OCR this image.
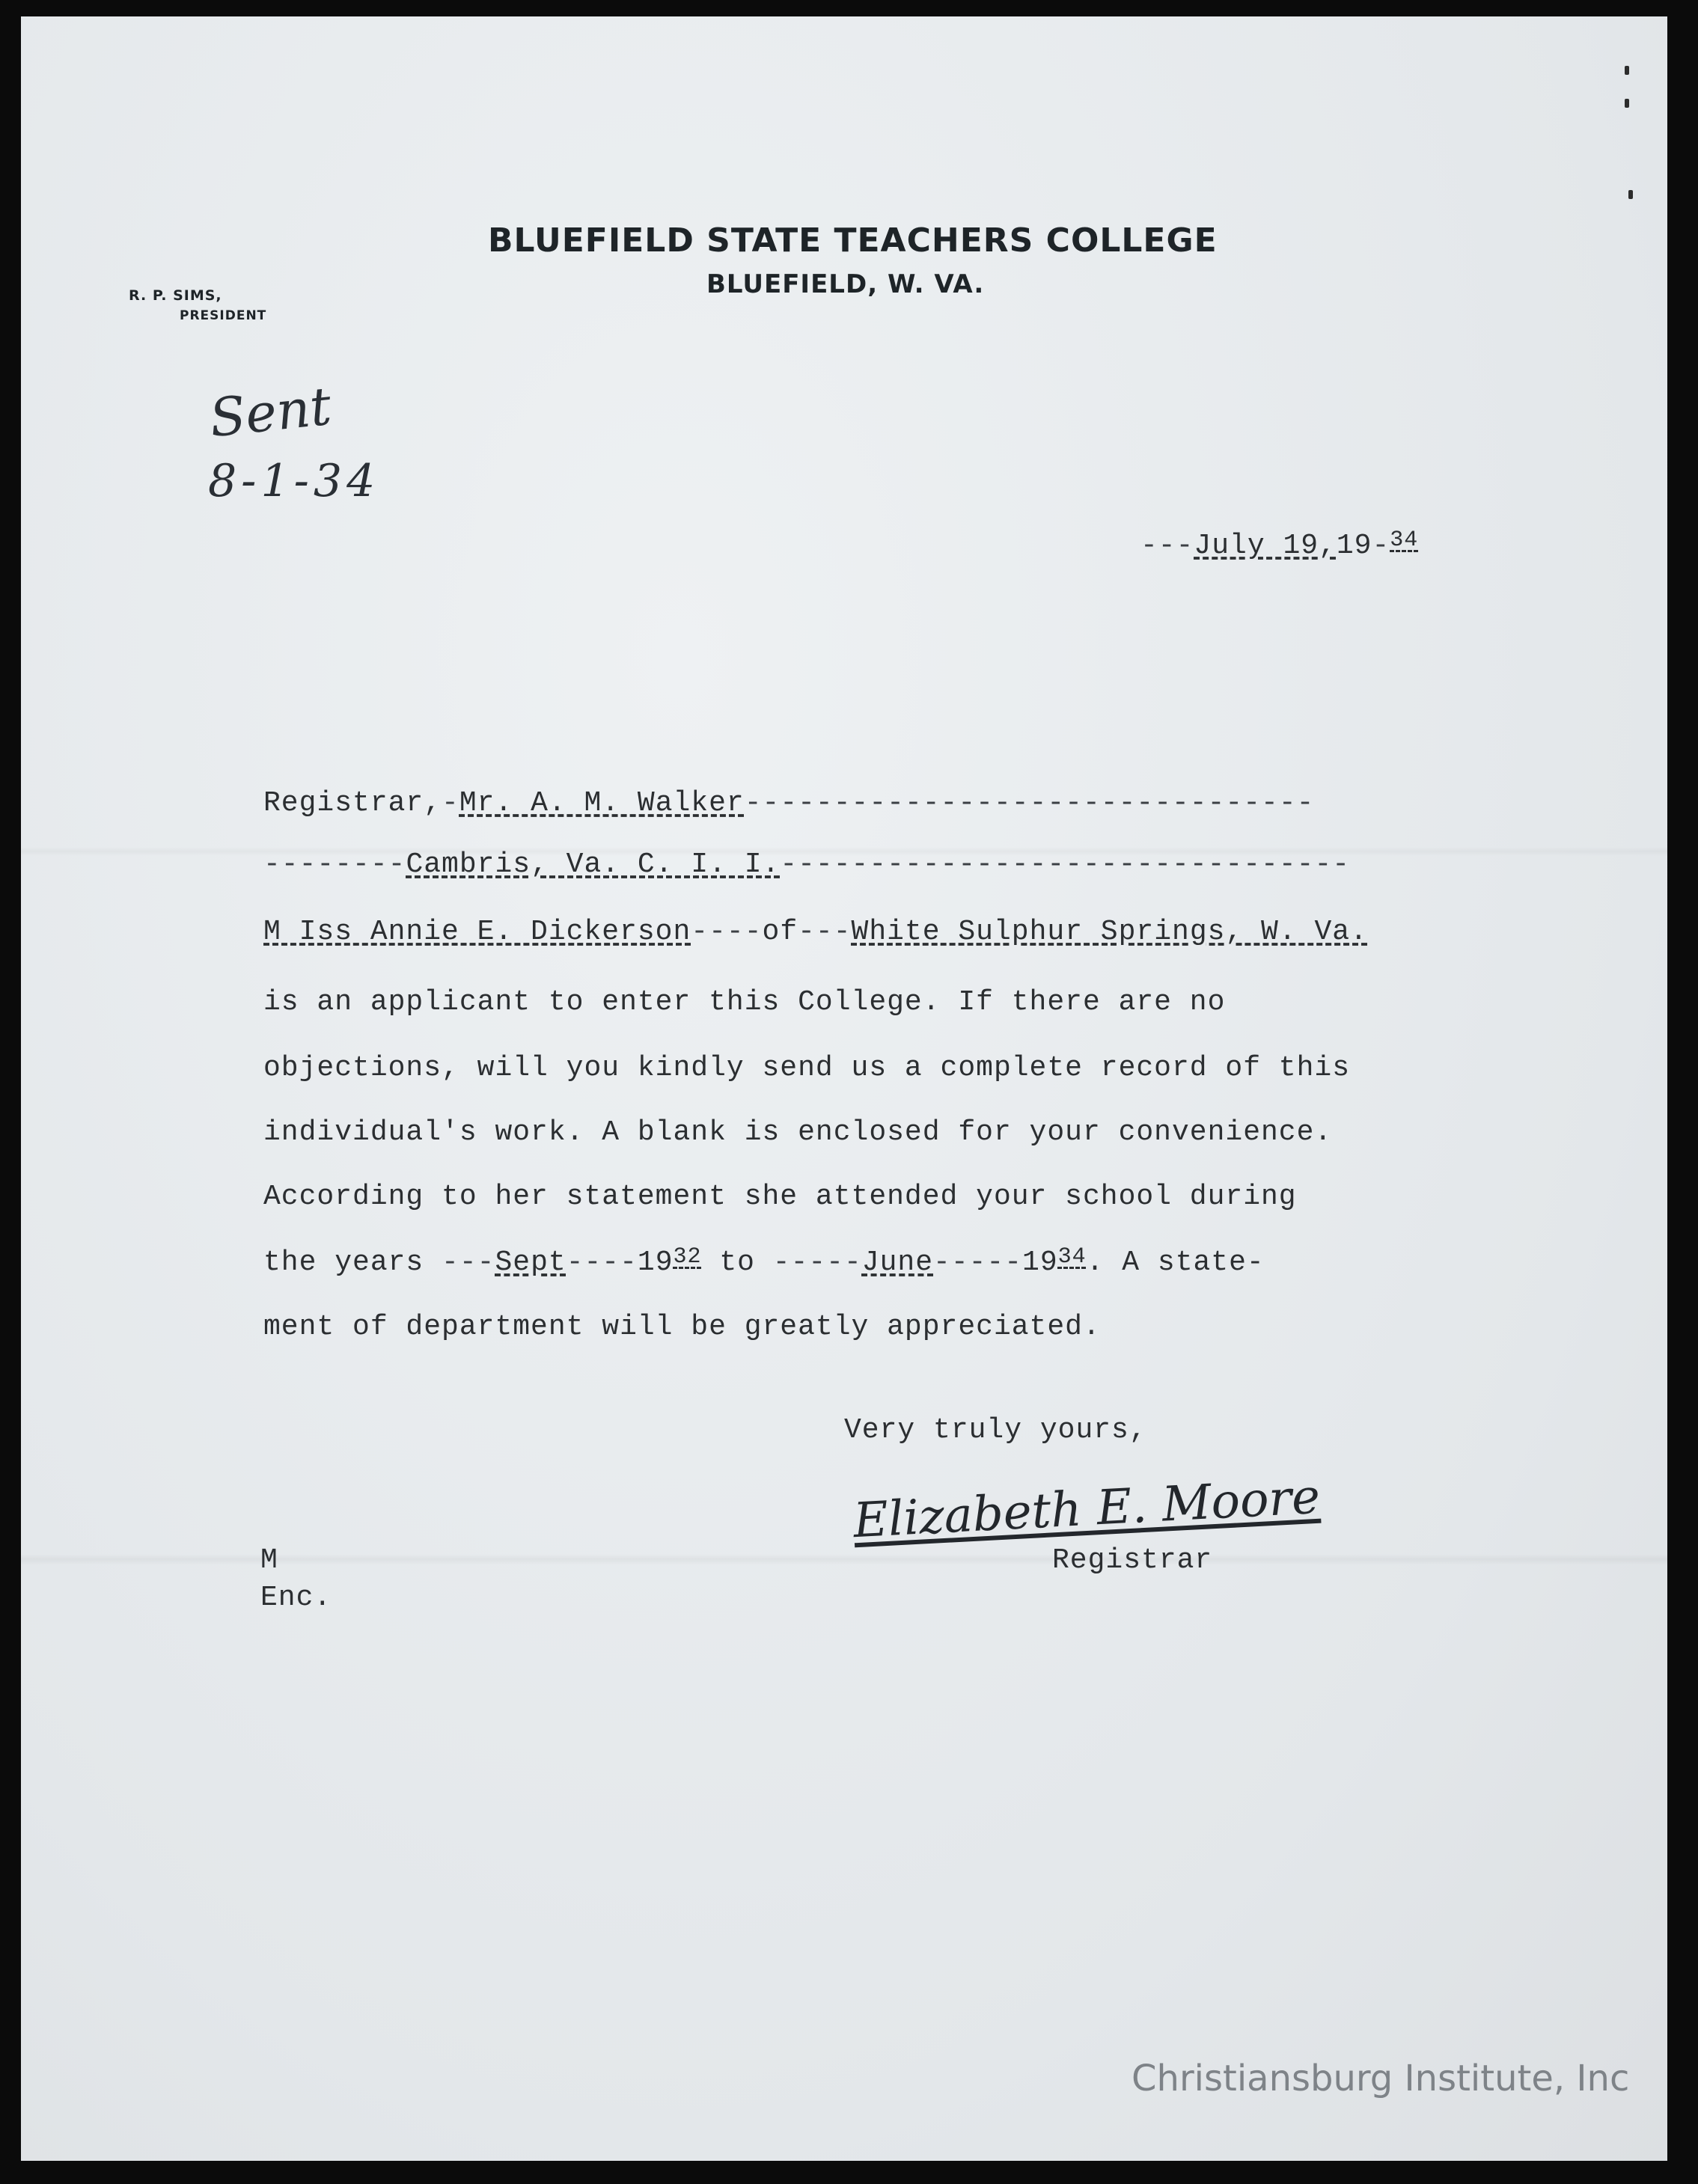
BLUEFIELD STATE TEACHERS COLLEGE
BLUEFIELD, W. VA.
R. P. SIMS,
PRESIDENT
Sent
8-1-34
---July 19,19-$^{34}$
Registrar,-Mr. A. M. Walker--------------------------------
--------Cambris, Va. C. I. I.--------------------------------
M Iss Annie E. Dickerson----of---White Sulphur Springs, W. Va.
is an applicant to enter this College. If there are no
objections, will you kindly send us a complete record of this
individual's work. A blank is enclosed for your convenience.
According to her statement she attended your school during
the years $---Sept----19^{32}$ to $-----June-----19^{34}$. A state-
ment of department will be greatly appreciated.
Very truly yours,
Elizabeth E. Moore
Registrar
M
Enc.
Christiansburg Institute, Inc
